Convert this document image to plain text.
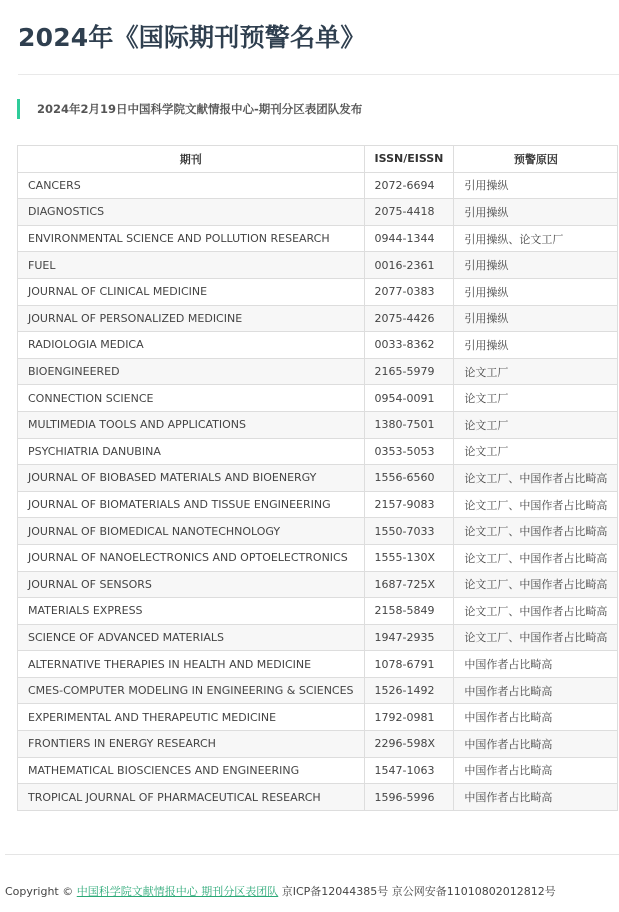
2024年《国际期刊预警名单》
2024年2月19日中国科学院文献情报中心-期刊分区表团队发布
期刊	ISSN/EISSN	预警原因
CANCERS	2072-6694	引用操纵
DIAGNOSTICS	2075-4418	引用操纵
ENVIRONMENTAL SCIENCE AND POLLUTION RESEARCH	0944-1344	引用操纵、论文工厂
FUEL	0016-2361	引用操纵
JOURNAL OF CLINICAL MEDICINE	2077-0383	引用操纵
JOURNAL OF PERSONALIZED MEDICINE	2075-4426	引用操纵
RADIOLOGIA MEDICA	0033-8362	引用操纵
BIOENGINEERED	2165-5979	论文工厂
CONNECTION SCIENCE	0954-0091	论文工厂
MULTIMEDIA TOOLS AND APPLICATIONS	1380-7501	论文工厂
PSYCHIATRIA DANUBINA	0353-5053	论文工厂
JOURNAL OF BIOBASED MATERIALS AND BIOENERGY	1556-6560	论文工厂、中国作者占比畸高
JOURNAL OF BIOMATERIALS AND TISSUE ENGINEERING	2157-9083	论文工厂、中国作者占比畸高
JOURNAL OF BIOMEDICAL NANOTECHNOLOGY	1550-7033	论文工厂、中国作者占比畸高
JOURNAL OF NANOELECTRONICS AND OPTOELECTRONICS	1555-130X	论文工厂、中国作者占比畸高
JOURNAL OF SENSORS	1687-725X	论文工厂、中国作者占比畸高
MATERIALS EXPRESS	2158-5849	论文工厂、中国作者占比畸高
SCIENCE OF ADVANCED MATERIALS	1947-2935	论文工厂、中国作者占比畸高
ALTERNATIVE THERAPIES IN HEALTH AND MEDICINE	1078-6791	中国作者占比畸高
CMES-COMPUTER MODELING IN ENGINEERING & SCIENCES	1526-1492	中国作者占比畸高
EXPERIMENTAL AND THERAPEUTIC MEDICINE	1792-0981	中国作者占比畸高
FRONTIERS IN ENERGY RESEARCH	2296-598X	中国作者占比畸高
MATHEMATICAL BIOSCIENCES AND ENGINEERING	1547-1063	中国作者占比畸高
TROPICAL JOURNAL OF PHARMACEUTICAL RESEARCH	1596-5996	中国作者占比畸高
Copyright © 中国科学院文献情报中心 期刊分区表团队 京ICP备12044385号 京公网安备11010802012812号
